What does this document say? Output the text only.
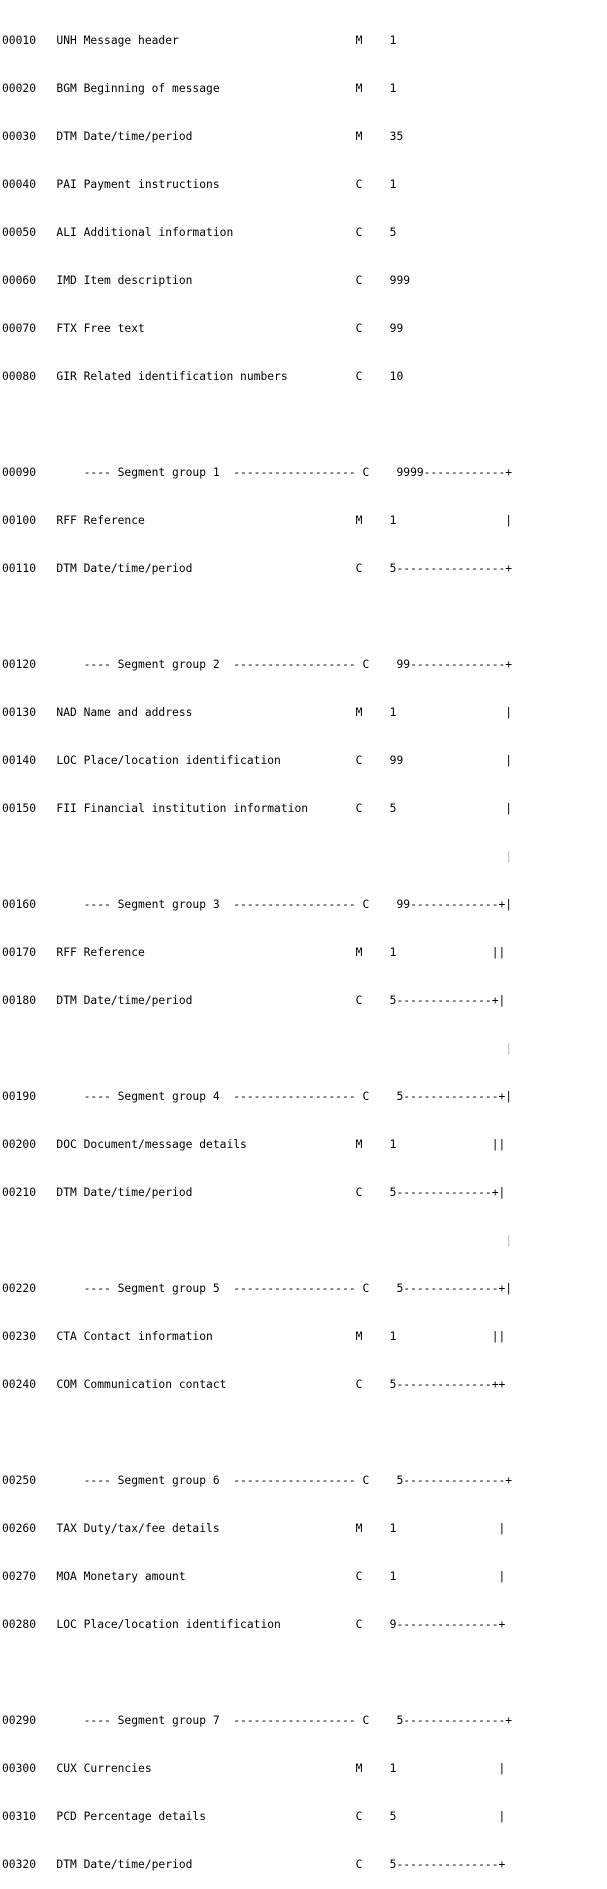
00010   UNH Message header                          M    1

00020   BGM Beginning of message                    M    1

00030   DTM Date/time/period                        M    35

00040   PAI Payment instructions                    C    1

00050   ALI Additional information                  C    5

00060   IMD Item description                        C    999

00070   FTX Free text                               C    99

00080   GIR Related identification numbers          C    10

00090       ---- Segment group 1  ------------------ C    9999------------+

00100   RFF Reference                               M    1                |

00110   DTM Date/time/period                        C    5----------------+

00120       ---- Segment group 2  ------------------ C    99--------------+

00130   NAD Name and address                        M    1                |

00140   LOC Place/location identification           C    99               |

00150   FII Financial institution information       C    5                |

|

00160       ---- Segment group 3  ------------------ C    99-------------+|

00170   RFF Reference                               M    1              ||

00180   DTM Date/time/period                        C    5--------------+|

|

00190       ---- Segment group 4  ------------------ C    5--------------+|

00200   DOC Document/message details                M    1              ||

00210   DTM Date/time/period                        C    5--------------+|

|

00220       ---- Segment group 5  ------------------ C    5--------------+|

00230   CTA Contact information                     M    1              ||

00240   COM Communication contact                   C    5--------------++

00250       ---- Segment group 6  ------------------ C    5---------------+

00260   TAX Duty/tax/fee details                    M    1               |

00270   MOA Monetary amount                         C    1               |

00280   LOC Place/location identification           C    9---------------+

00290       ---- Segment group 7  ------------------ C    5---------------+

00300   CUX Currencies                              M    1               |

00310   PCD Percentage details                      C    5               |

00320   DTM Date/time/period                        C    5---------------+
